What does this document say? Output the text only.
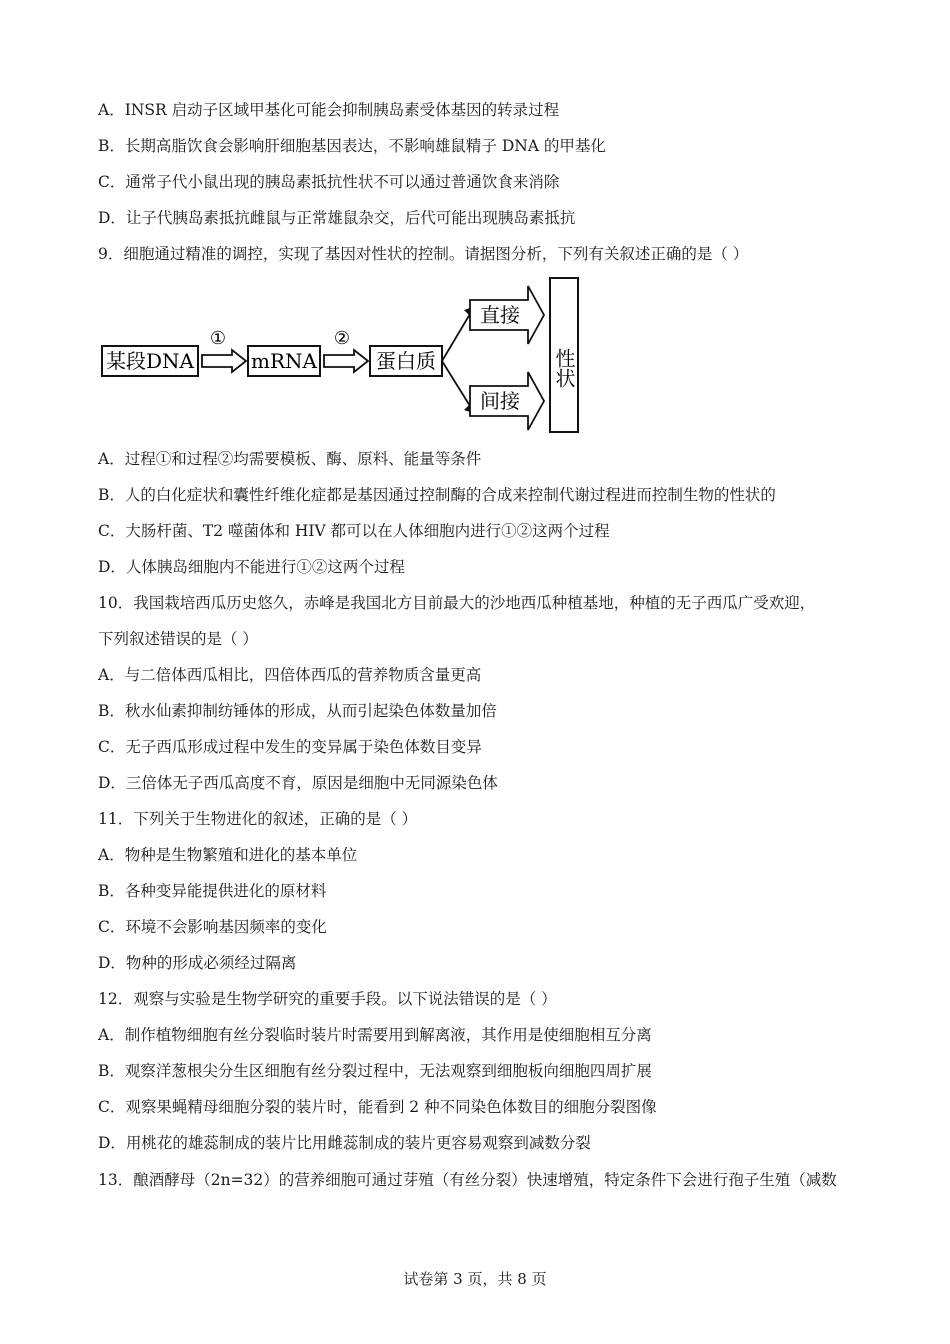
A．INSR 启动子区域甲基化可能会抑制胰岛素受体基因的转录过程
B．长期高脂饮食会影响肝细胞基因表达，不影响雄鼠精子 DNA 的甲基化
C．通常子代小鼠出现的胰岛素抵抗性状不可以通过普通饮食来消除
D．让子代胰岛素抵抗雌鼠与正常雄鼠杂交，后代可能出现胰岛素抵抗
9．细胞通过精准的调控，实现了基因对性状的控制。请据图分析，下列有关叙述正确的是（ ）
某段DNA
①
mRNA
②
蛋白质
直接
间接
性状
A．过程①和过程②均需要模板、酶、原料、能量等条件
B．人的白化症状和囊性纤维化症都是基因通过控制酶的合成来控制代谢过程进而控制生物的性状的
C．大肠杆菌、T2 噬菌体和 HIV 都可以在人体细胞内进行①②这两个过程
D．人体胰岛细胞内不能进行①②这两个过程
10．我国栽培西瓜历史悠久，赤峰是我国北方目前最大的沙地西瓜种植基地，种植的无子西瓜广受欢迎，
下列叙述错误的是（ ）
A．与二倍体西瓜相比，四倍体西瓜的营养物质含量更高
B．秋水仙素抑制纺锤体的形成，从而引起染色体数量加倍
C．无子西瓜形成过程中发生的变异属于染色体数目变异
D．三倍体无子西瓜高度不育，原因是细胞中无同源染色体
11．下列关于生物进化的叙述，正确的是（ ）
A．物种是生物繁殖和进化的基本单位
B．各种变异能提供进化的原材料
C．环境不会影响基因频率的变化
D．物种的形成必须经过隔离
12．观察与实验是生物学研究的重要手段。以下说法错误的是（ ）
A．制作植物细胞有丝分裂临时装片时需要用到解离液，其作用是使细胞相互分离
B．观察洋葱根尖分生区细胞有丝分裂过程中，无法观察到细胞板向细胞四周扩展
C．观察果蝇精母细胞分裂的装片时，能看到 2 种不同染色体数目的细胞分裂图像
D．用桃花的雄蕊制成的装片比用雌蕊制成的装片更容易观察到减数分裂
13．酿酒酵母（2n=32）的营养细胞可通过芽殖（有丝分裂）快速增殖，特定条件下会进行孢子生殖（减数
试卷第 3 页，共 8 页
